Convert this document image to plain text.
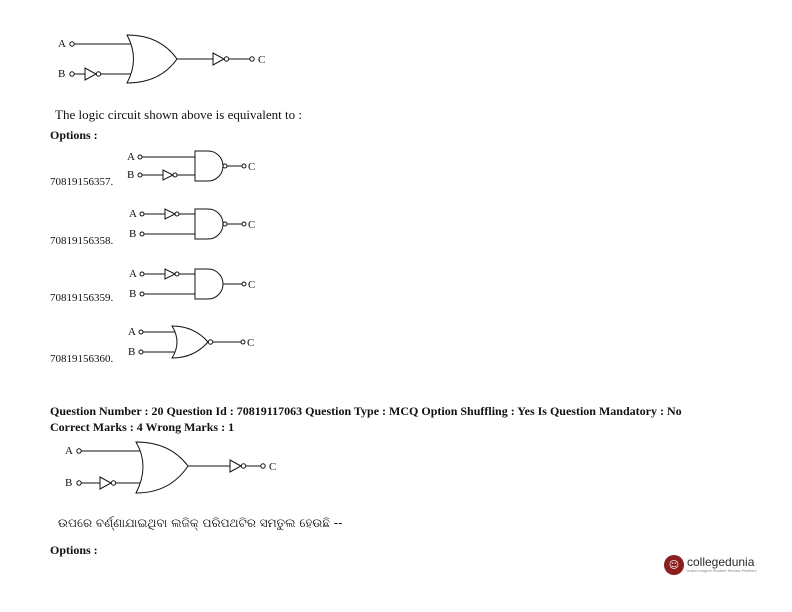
A
B
C
The logic circuit shown above is equivalent to :
Options :
A
B
C
70819156357.
A
B
C
70819156358.
A
B
C
70819156359.
A
B
C
70819156360.
Question Number : 20 Question Id : 70819117063 Question Type : MCQ Option Shuffling : Yes Is Question Mandatory : No
Correct Marks : 4 Wrong Marks : 1
A
B
C
ଉପରେ ବର୍ଣ୍ଣାଯାଇଥିବା ଲଜିକ୍ ପରିପଥଟିର ସମତୁଲ ହେଉଛି --
Options :
☺ collegedunia
India's largest Student Review Platform
